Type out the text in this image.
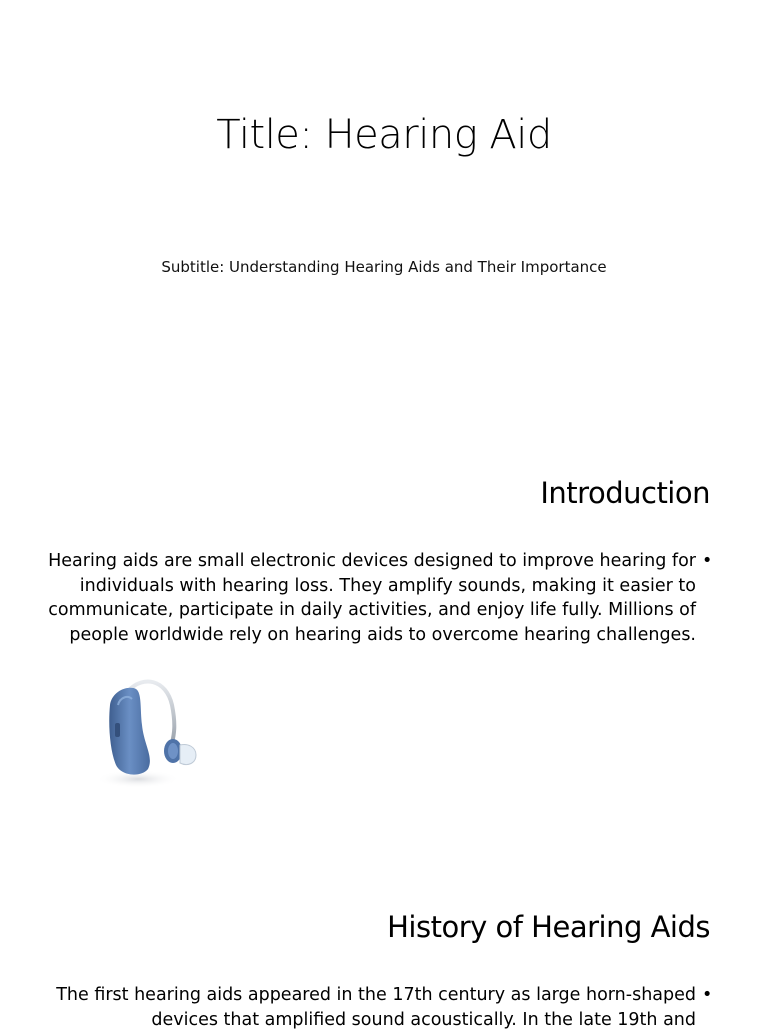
Title: Hearing Aid
Subtitle: Understanding Hearing Aids and Their Importance
Introduction
•
Hearing aids are small electronic devices designed to improve hearing for individuals with hearing loss. They amplify sounds, making it easier to communicate, participate in daily activities, and enjoy life fully. Millions of people worldwide rely on hearing aids to overcome hearing challenges.
History of Hearing Aids
•
The first hearing aids appeared in the 17th century as large horn-shaped devices that amplified sound acoustically. In the late 19th and
